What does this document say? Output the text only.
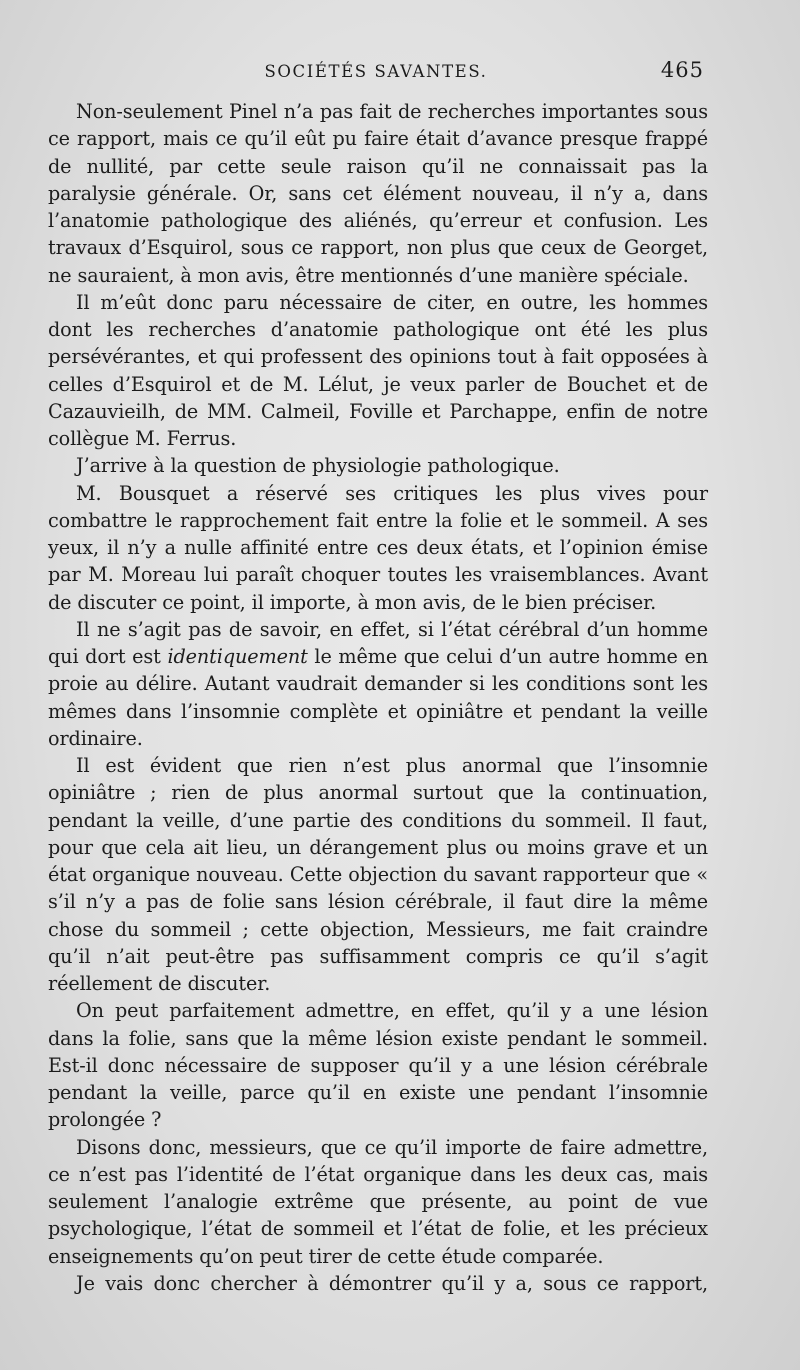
SOCIÉTÉS SAVANTES.	465

Non-seulement Pinel n’a pas fait de recherches importantes sous ce rapport, mais ce qu’il eût pu faire était d’avance presque frappé de nullité, par cette seule raison qu’il ne connaissait pas la paralysie générale. Or, sans cet élément nouveau, il n’y a, dans l’anatomie pathologique des aliénés, qu’erreur et confusion. Les travaux d’Esquirol, sous ce rapport, non plus que ceux de Georget, ne sauraient, à mon avis, être mentionnés d’une manière spéciale.

Il m’eût donc paru nécessaire de citer, en outre, les hommes dont les recherches d’anatomie pathologique ont été les plus persévérantes, et qui professent des opinions tout à fait opposées à celles d’Esquirol et de M. Lélut, je veux parler de Bouchet et de Cazauvieilh, de MM. Calmeil, Foville et Parchappe, enfin de notre collègue M. Ferrus.

J’arrive à la question de physiologie pathologique.

M. Bousquet a réservé ses critiques les plus vives pour combattre le rapprochement fait entre la folie et le sommeil. A ses yeux, il n’y a nulle affinité entre ces deux états, et l’opinion émise par M. Moreau lui paraît choquer toutes les vraisemblances. Avant de discuter ce point, il importe, à mon avis, de le bien préciser.

Il ne s’agit pas de savoir, en effet, si l’état cérébral d’un homme qui dort est identiquement le même que celui d’un autre homme en proie au délire. Autant vaudrait demander si les conditions sont les mêmes dans l’insomnie complète et opiniâtre et pendant la veille ordinaire.

Il est évident que rien n’est plus anormal que l’insomnie opiniâtre ; rien de plus anormal surtout que la continuation, pendant la veille, d’une partie des conditions du sommeil. Il faut, pour que cela ait lieu, un dérangement plus ou moins grave et un état organique nouveau. Cette objection du savant rapporteur que « s’il n’y a pas de folie sans lésion cérébrale, il faut dire la même chose du sommeil ; cette objection, Messieurs, me fait craindre qu’il n’ait peut-être pas suffisamment compris ce qu’il s’agit réellement de discuter.

On peut parfaitement admettre, en effet, qu’il y a une lésion dans la folie, sans que la même lésion existe pendant le sommeil. Est-il donc nécessaire de supposer qu’il y a une lésion cérébrale pendant la veille, parce qu’il en existe une pendant l’insomnie prolongée ?

Disons donc, messieurs, que ce qu’il importe de faire admettre, ce n’est pas l’identité de l’état organique dans les deux cas, mais seulement l’analogie extrême que présente, au point de vue psychologique, l’état de sommeil et l’état de folie, et les précieux enseignements qu’on peut tirer de cette étude comparée.

Je vais donc chercher à démontrer qu’il y a, sous ce rapport,
